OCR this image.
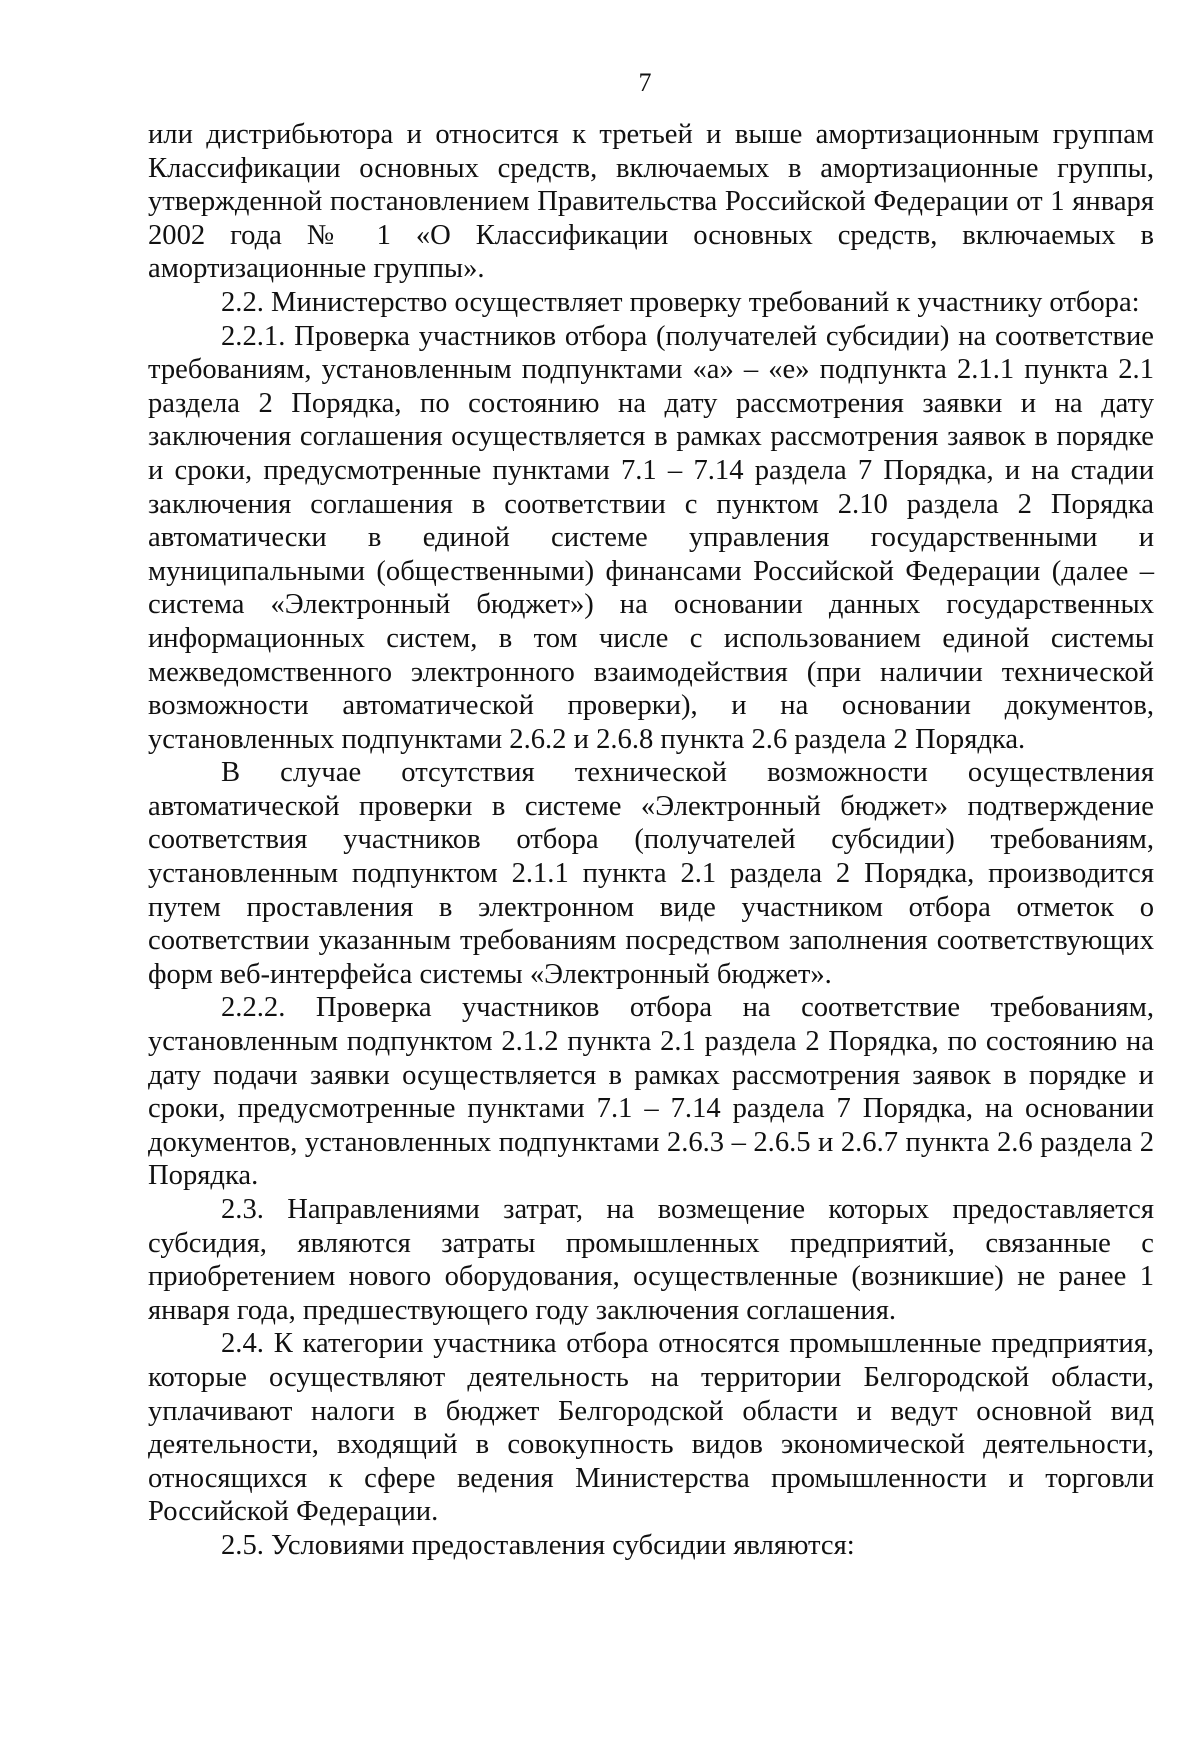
7

или дистрибьютора и относится к третьей и выше амортизационным группам Классификации основных средств, включаемых в амортизационные группы, утвержденной постановлением Правительства Российской Федерации от 1 января 2002 года № 1 «О Классификации основных средств, включаемых в амортизационные группы».

2.2. Министерство осуществляет проверку требований к участнику отбора:

2.2.1. Проверка участников отбора (получателей субсидии) на соответствие требованиям, установленным подпунктами «а» – «е» подпункта 2.1.1 пункта 2.1 раздела 2 Порядка, по состоянию на дату рассмотрения заявки и на дату заключения соглашения осуществляется в рамках рассмотрения заявок в порядке и сроки, предусмотренные пунктами 7.1 – 7.14 раздела 7 Порядка, и на стадии заключения соглашения в соответствии с пунктом 2.10 раздела 2 Порядка автоматически в единой системе управления государственными и муниципальными (общественными) финансами Российской Федерации (далее – система «Электронный бюджет») на основании данных государственных информационных систем, в том числе с использованием единой системы межведомственного электронного взаимодействия (при наличии технической возможности автоматической проверки), и на основании документов, установленных подпунктами 2.6.2 и 2.6.8 пункта 2.6 раздела 2 Порядка.

В случае отсутствия технической возможности осуществления автоматической проверки в системе «Электронный бюджет» подтверждение соответствия участников отбора (получателей субсидии) требованиям, установленным подпунктом 2.1.1 пункта 2.1 раздела 2 Порядка, производится путем проставления в электронном виде участником отбора отметок о соответствии указанным требованиям посредством заполнения соответствующих форм веб-интерфейса системы «Электронный бюджет».

2.2.2. Проверка участников отбора на соответствие требованиям, установленным подпунктом 2.1.2 пункта 2.1 раздела 2 Порядка, по состоянию на дату подачи заявки осуществляется в рамках рассмотрения заявок в порядке и сроки, предусмотренные пунктами 7.1 – 7.14 раздела 7 Порядка, на основании документов, установленных подпунктами 2.6.3 – 2.6.5 и 2.6.7 пункта 2.6 раздела 2 Порядка.

2.3. Направлениями затрат, на возмещение которых предоставляется субсидия, являются затраты промышленных предприятий, связанные с приобретением нового оборудования, осуществленные (возникшие) не ранее 1 января года, предшествующего году заключения соглашения.

2.4. К категории участника отбора относятся промышленные предприятия, которые осуществляют деятельность на территории Белгородской области, уплачивают налоги в бюджет Белгородской области и ведут основной вид деятельности, входящий в совокупность видов экономической деятельности, относящихся к сфере ведения Министерства промышленности и торговли Российской Федерации.

2.5. Условиями предоставления субсидии являются:
